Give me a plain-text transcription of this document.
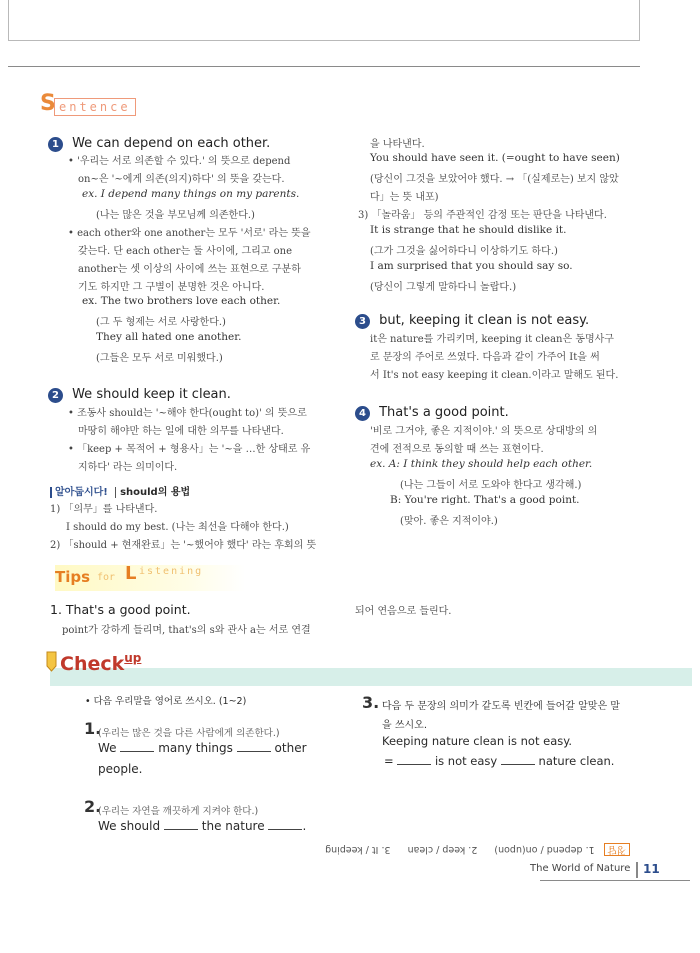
S entence
1 We can depend on each other.
• '우리는 서로 의존할 수 있다.' 의 뜻으로 depend
on~은 '~에게 의존(의지)하다' 의 뜻을 갖는다.
ex. I depend many things on my parents.
(나는 많은 것을 부모님께 의존한다.)
• each other와 one another는 모두 '서로' 라는 뜻을
갖는다. 단 each other는 둘 사이에, 그리고 one
another는 셋 이상의 사이에 쓰는 표현으로 구분하
기도 하지만 그 구별이 분명한 것은 아니다.
ex. The two brothers love each other.
(그 두 형제는 서로 사랑한다.)
They all hated one another.
(그들은 모두 서로 미워했다.)
2 We should keep it clean.
• 조동사 should는 '~해야 한다(ought to)' 의 뜻으로
마땅히 해야만 하는 일에 대한 의무를 나타낸다.
• 「keep + 목적어 + 형용사」는 '~을 …한 상태로 유
지하다' 라는 의미이다.
알아둡시다! should의 용법
1) 「의무」를 나타낸다.
I should do my best. (나는 최선을 다해야 한다.)
2) 「should + 현재완료」는 '~했어야 했다' 라는 후회의 뜻
을 나타낸다.
You should have seen it. (=ought to have seen)
(당신이 그것을 보았어야 했다. → 「(실제로는) 보지 않았
다」는 뜻 내포)
3) 「놀라움」 등의 주관적인 감정 또는 판단을 나타낸다.
It is strange that he should dislike it.
(그가 그것을 싫어하다니 이상하기도 하다.)
I am surprised that you should say so.
(당신이 그렇게 말하다니 놀랍다.)
3 but, keeping it clean is not easy.
it은 nature를 가리키며, keeping it clean은 동명사구
로 문장의 주어로 쓰였다. 다음과 같이 가주어 It을 써
서 It's not easy keeping it clean.이라고 말해도 된다.
4 That's a good point.
'비로 그거야, 좋은 지적이야.' 의 뜻으로 상대방의 의
견에 전적으로 동의할 때 쓰는 표현이다.
ex. A: I think they should help each other.
(나는 그들이 서로 도와야 한다고 생각해.)
B: You're right. That's a good point.
(맞아. 좋은 지적이야.)
Tips for L istening
1. That's a good point.
point가 강하게 들리며, that's의 s와 관사 a는 서로 연결
되어 연음으로 들린다.
Check$^{up}$
• 다음 우리말을 영어로 쓰시오. (1~2)
1.
(우리는 많은 것을 다른 사람에게 의존한다.)
We	many things	other
people.
2.
(우리는 자연을 깨끗하게 지켜야 한다.)
We should	the nature	.
3. 다음 두 문장의 의미가 같도록 빈칸에 들어갈 알맞은 말
을 쓰시오.
Keeping nature clean is not easy.
=	is not easy	nature clean.
정답 1. depend / on(upon) 2. keep / clean 3. It / keeping
The World of Nature 11
